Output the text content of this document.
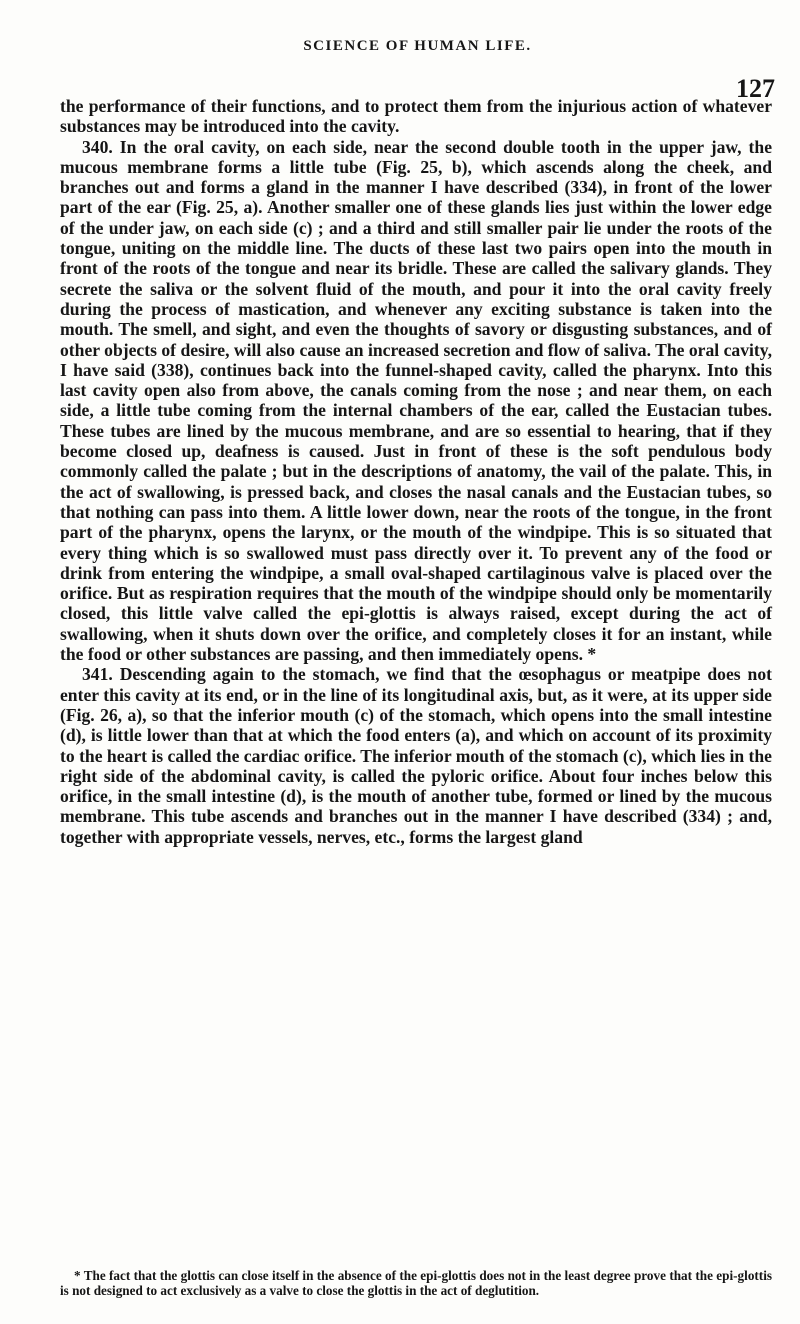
SCIENCE OF HUMAN LIFE.
127

the performance of their functions, and to protect them from the injurious action of whatever substances may be introduced into the cavity.

340. In the oral cavity, on each side, near the second double tooth in the upper jaw, the mucous membrane forms a little tube (Fig. 25, b), which ascends along the cheek, and branches out and forms a gland in the manner I have described (334), in front of the lower part of the ear (Fig. 25, a). Another smaller one of these glands lies just within the lower edge of the under jaw, on each side (c) ; and a third and still smaller pair lie under the roots of the tongue, uniting on the middle line. The ducts of these last two pairs open into the mouth in front of the roots of the tongue and near its bridle. These are called the salivary glands. They secrete the saliva or the solvent fluid of the mouth, and pour it into the oral cavity freely during the process of mastication, and whenever any exciting substance is taken into the mouth. The smell, and sight, and even the thoughts of savory or disgusting substances, and of other objects of desire, will also cause an increased secretion and flow of saliva. The oral cavity, I have said (338), continues back into the funnel-shaped cavity, called the pharynx. Into this last cavity open also from above, the canals coming from the nose ; and near them, on each side, a little tube coming from the internal chambers of the ear, called the Eustacian tubes. These tubes are lined by the mucous membrane, and are so essential to hearing, that if they become closed up, deafness is caused. Just in front of these is the soft pendulous body commonly called the palate ; but in the descriptions of anatomy, the vail of the palate. This, in the act of swallowing, is pressed back, and closes the nasal canals and the Eustacian tubes, so that nothing can pass into them. A little lower down, near the roots of the tongue, in the front part of the pharynx, opens the larynx, or the mouth of the windpipe. This is so situated that every thing which is so swallowed must pass directly over it. To prevent any of the food or drink from entering the windpipe, a small oval-shaped cartilaginous valve is placed over the orifice. But as respiration requires that the mouth of the windpipe should only be momentarily closed, this little valve called the epi-glottis is always raised, except during the act of swallowing, when it shuts down over the orifice, and completely closes it for an instant, while the food or other substances are passing, and then immediately opens. *

341. Descending again to the stomach, we find that the œsophagus or meatpipe does not enter this cavity at its end, or in the line of its longitudinal axis, but, as it were, at its upper side (Fig. 26, a), so that the inferior mouth (c) of the stomach, which opens into the small intestine (d), is little lower than that at which the food enters (a), and which on account of its proximity to the heart is called the cardiac orifice. The inferior mouth of the stomach (c), which lies in the right side of the abdominal cavity, is called the pyloric orifice. About four inches below this orifice, in the small intestine (d), is the mouth of another tube, formed or lined by the mucous membrane. This tube ascends and branches out in the manner I have described (334) ; and, together with appropriate vessels, nerves, etc., forms the largest gland

* The fact that the glottis can close itself in the absence of the epi-glottis does not in the least degree prove that the epi-glottis is not designed to act exclusively as a valve to close the glottis in the act of deglutition.
